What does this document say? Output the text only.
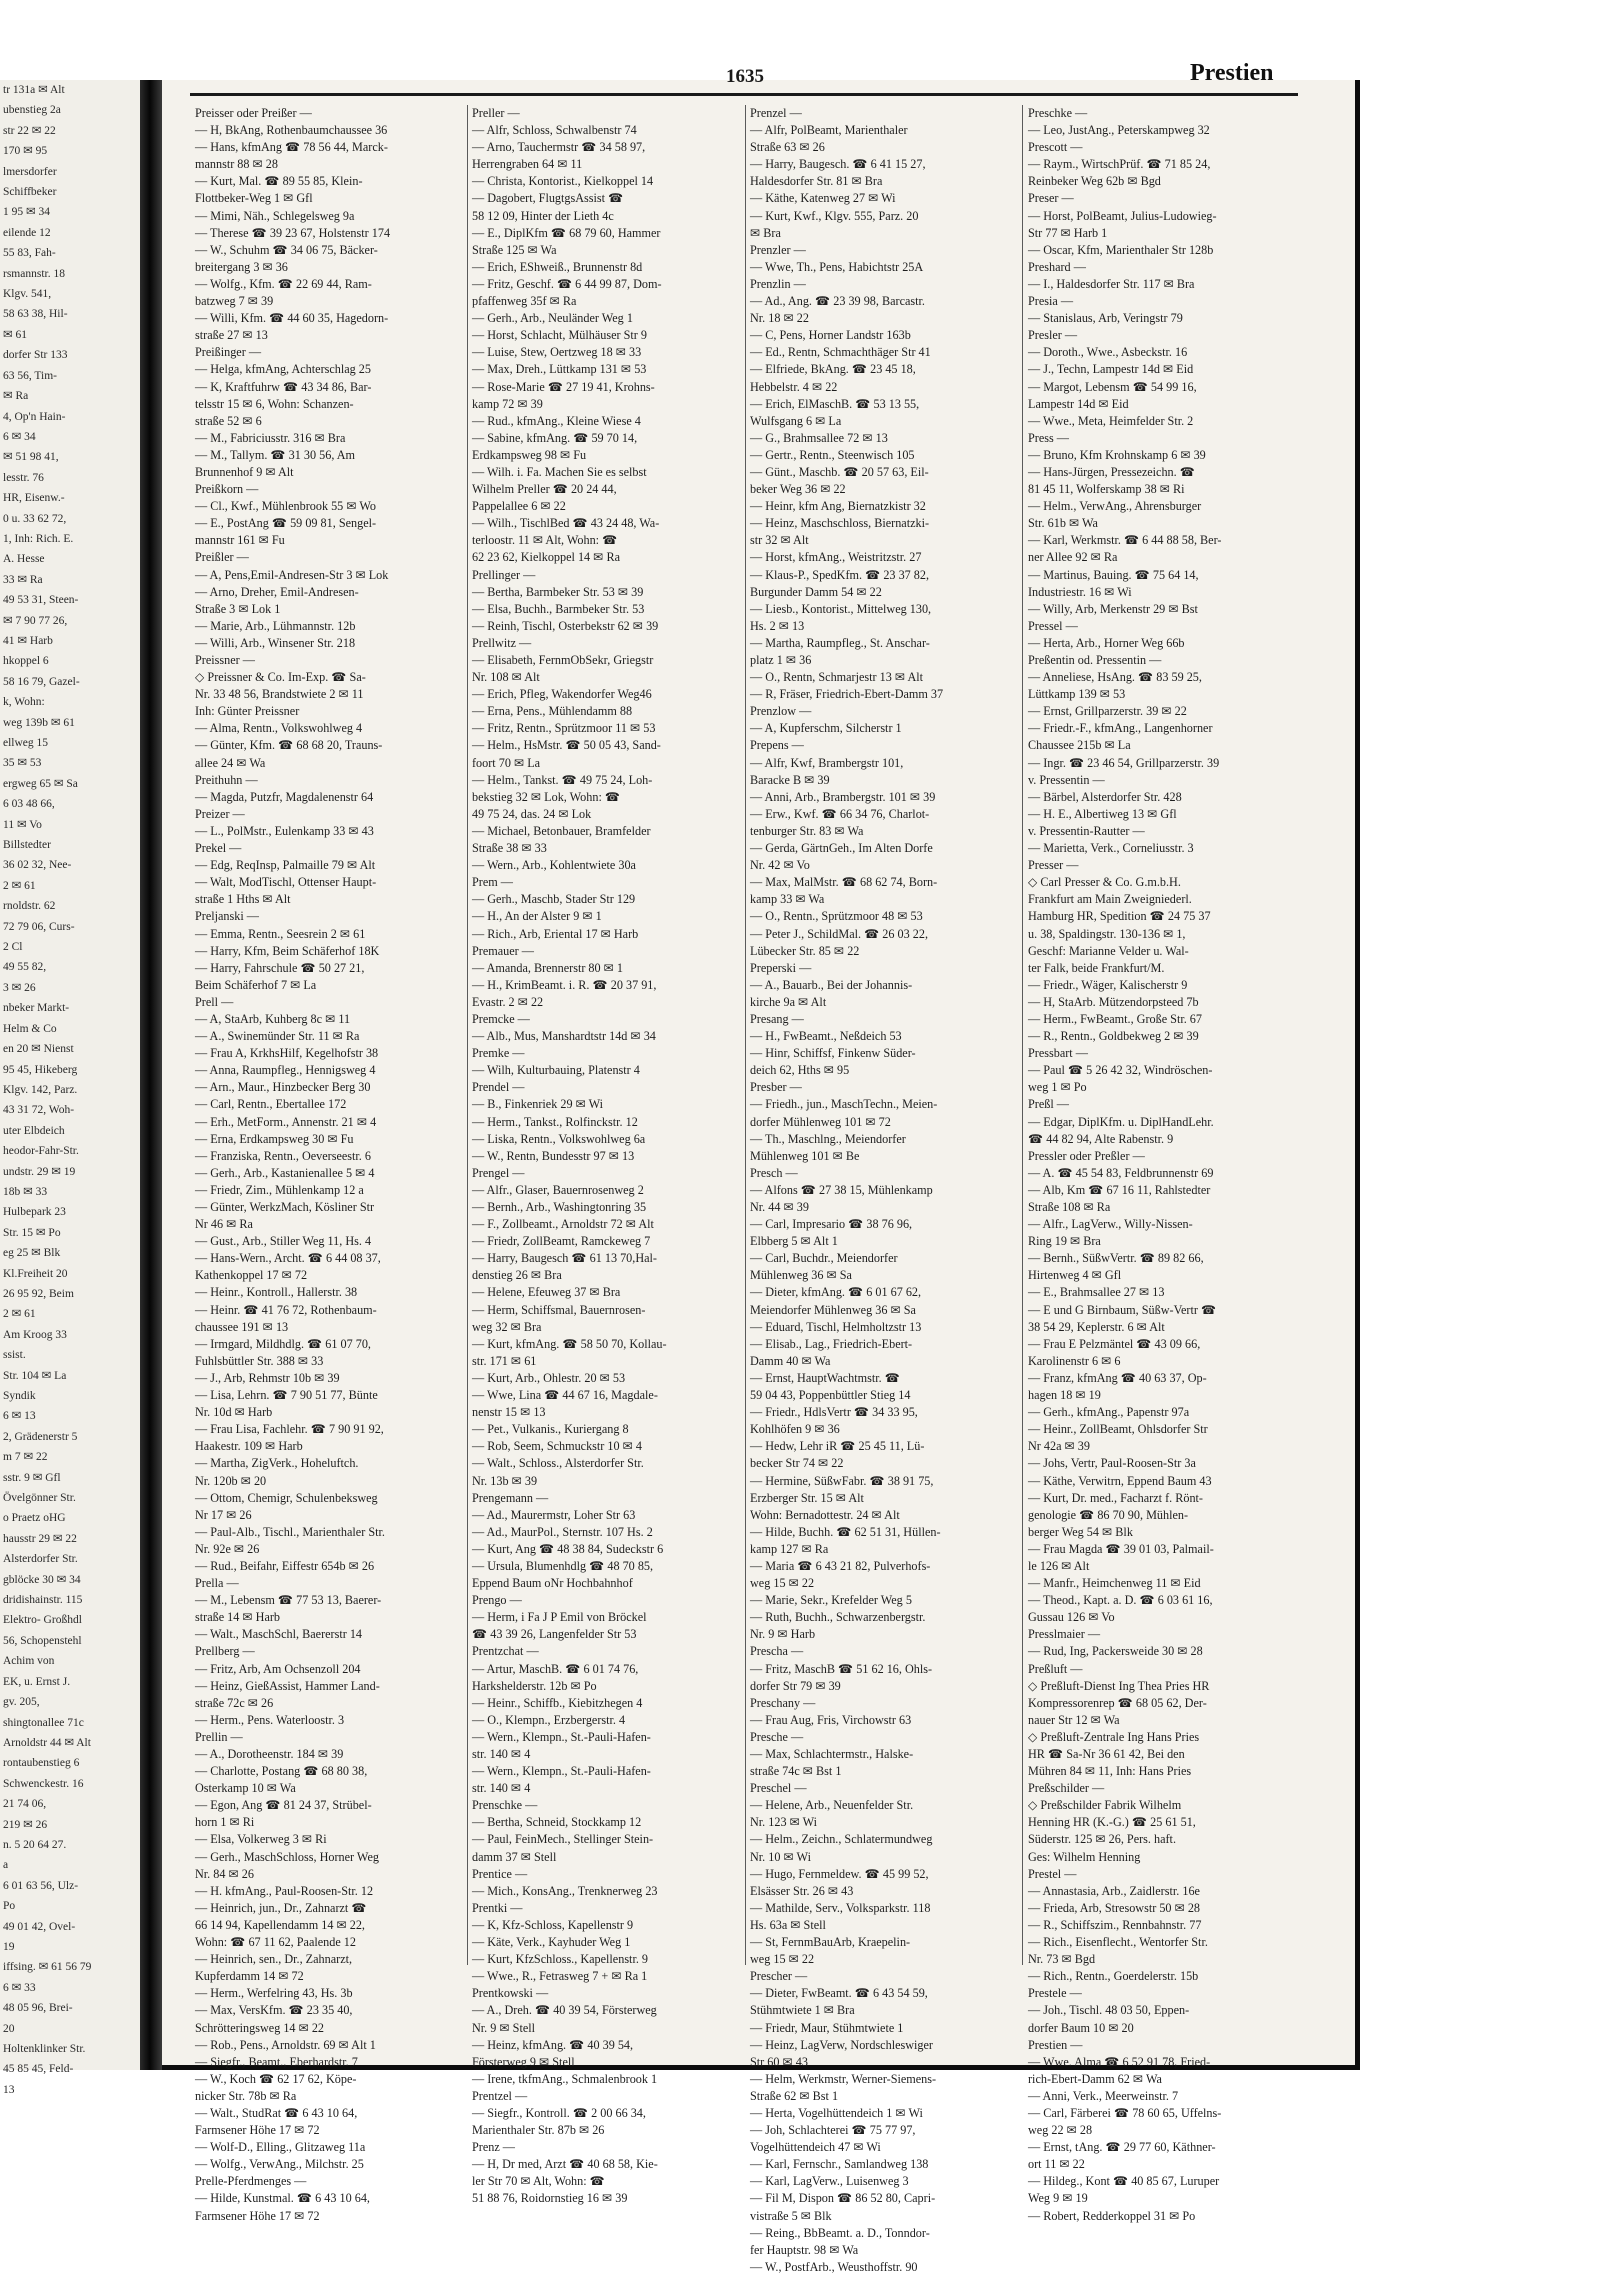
tr 131a ✉ Alt
ubenstieg 2a
str 22 ✉ 22
170 ✉ 95
lmersdorfer
Schiffbeker
1 95 ✉ 34
eilende 12
55 83, Fah-
rsmannstr. 18
Klgv. 541,
58 63 38, Hil-
✉ 61
dorfer Str 133
63 56, Tim-
✉ Ra
4, Op'n Hain-
6 ✉ 34
✉ 51 98 41,
lesstr. 76
HR, Eisenw.-
0 u. 33 62 72,
1, Inh: Rich. E.
A. Hesse
33 ✉ Ra
49 53 31, Steen-
✉ 7 90 77 26,
41 ✉ Harb
hkoppel 6
58 16 79, Gazel-
k, Wohn:
weg 139b ✉ 61
ellweg 15
35 ✉ 53
ergweg 65 ✉ Sa
6 03 48 66,
11 ✉ Vo
Billstedter
36 02 32, Nee-
2 ✉ 61
rnoldstr. 62
72 79 06, Curs-
2 Cl
49 55 82,
3 ✉ 26
nbeker Markt-
Helm & Co
en 20 ✉ Nienst
95 45, Hikeberg
Klgv. 142, Parz.
43 31 72, Woh-
uter Elbdeich
heodor-Fahr-Str.
undstr. 29 ✉ 19
18b ✉ 33
Hulbepark 23
Str. 15 ✉ Po
eg 25 ✉ Blk
Kl.Freiheit 20
26 95 92, Beim
2 ✉ 61
Am Kroog 33
ssist.
Str. 104 ✉ La
Syndik
6 ✉ 13
2, Grädenerstr 5
m 7 ✉ 22
sstr. 9 ✉ Gfl
Övelgönner Str.
o Praetz oHG
hausstr 29 ✉ 22
Alsterdorfer Str.
gblöcke 30 ✉ 34
dridishainstr. 115
Elektro- Großhdl
56, Schopenstehl
Achim von
EK, u. Ernst J.
gv. 205,
shingtonallee 71c
Arnoldstr 44 ✉ Alt
rontaubenstieg 6
Schwenckestr. 16
21 74 06,
219 ✉ 26
n. 5 20 64 27.
a
6 01 63 56, Ulz-
Po
49 01 42, Ovel-
19
iffsing. ✉ 61 56 79
6 ✉ 33
48 05 96, Brei-
20
Holtenklinker Str.
45 85 45, Feld-
13
1635	Prestien
Preisser oder Preißer —
— H, BkAng, Rothenbaumchaussee 36
— Hans, kfmAng ☎ 78 56 44, Marck-
mannstr 88 ✉ 28
— Kurt, Mal. ☎ 89 55 85, Klein-
Flottbeker-Weg 1 ✉ Gfl
— Mimi, Näh., Schlegelsweg 9a
— Therese ☎ 39 23 67, Holstenstr 174
— W., Schuhm ☎ 34 06 75, Bäcker-
breitergang 3 ✉ 36
— Wolfg., Kfm. ☎ 22 69 44, Ram-
batzweg 7 ✉ 39
— Willi, Kfm. ☎ 44 60 35, Hagedorn-
straße 27 ✉ 13
Preißinger —
— Helga, kfmAng, Achterschlag 25
— K, Kraftfuhrw ☎ 43 34 86, Bar-
telsstr 15 ✉ 6, Wohn: Schanzen-
straße 52 ✉ 6
— M., Fabriciusstr. 316 ✉ Bra
— M., Tallym. ☎ 31 30 56, Am
Brunnenhof 9 ✉ Alt
Preißkorn —
— Cl., Kwf., Mühlenbrook 55 ✉ Wo
— E., PostAng ☎ 59 09 81, Sengel-
mannstr 161 ✉ Fu
Preißler —
— A, Pens,Emil-Andresen-Str 3 ✉ Lok
— Arno, Dreher, Emil-Andresen-
Straße 3 ✉ Lok 1
— Marie, Arb., Lühmannstr. 12b
— Willi, Arb., Winsener Str. 218
Preissner —
◇ Preissner & Co. Im-Exp. ☎ Sa-
Nr. 33 48 56, Brandstwiete 2 ✉ 11
Inh: Günter Preissner
— Alma, Rentn., Volkswohlweg 4
— Günter, Kfm. ☎ 68 68 20, Trauns-
allee 24 ✉ Wa
Preithuhn —
— Magda, Putzfr, Magdalenenstr 64
Preizer —
— L., PolMstr., Eulenkamp 33 ✉ 43
Prekel —
— Edg, ReqInsp, Palmaille 79 ✉ Alt
— Walt, ModTischl, Ottenser Haupt-
straße 1 Hths ✉ Alt
Preljanski —
— Emma, Rentn., Seesrein 2 ✉ 61
— Harry, Kfm, Beim Schäferhof 18K
— Harry, Fahrschule ☎ 50 27 21,
Beim Schäferhof 7 ✉ La
Prell —
— A, StaArb, Kuhberg 8c ✉ 11
— A., Swinemünder Str. 11 ✉ Ra
— Frau A, KrkhsHilf, Kegelhofstr 38
— Anna, Raumpfleg., Hennigsweg 4
— Arn., Maur., Hinzbecker Berg 30
— Carl, Rentn., Ebertallee 172
— Erh., MetForm., Annenstr. 21 ✉ 4
— Erna, Erdkampsweg 30 ✉ Fu
— Franziska, Rentn., Oeverseestr. 6
— Gerh., Arb., Kastanienallee 5 ✉ 4
— Friedr, Zim., Mühlenkamp 12 a
— Günter, WerkzMach, Kösliner Str
Nr 46 ✉ Ra
— Gust., Arb., Stiller Weg 11, Hs. 4
— Hans-Wern., Archt. ☎ 6 44 08 37,
Kathenkoppel 17 ✉ 72
— Heinr., Kontroll., Hallerstr. 38
— Heinr. ☎ 41 76 72, Rothenbaum-
chaussee 191 ✉ 13
— Irmgard, Mildhdlg. ☎ 61 07 70,
Fuhlsbüttler Str. 388 ✉ 33
— J., Arb, Rehmstr 10b ✉ 39
— Lisa, Lehrn. ☎ 7 90 51 77, Bünte
Nr. 10d ✉ Harb
— Frau Lisa, Fachlehr. ☎ 7 90 91 92,
Haakestr. 109 ✉ Harb
— Martha, ZigVerk., Hoheluftch.
Nr. 120b ✉ 20
— Ottom, Chemigr, Schulenbeksweg
Nr 17 ✉ 26
— Paul-Alb., Tischl., Marienthaler Str.
Nr. 92e ✉ 26
— Rud., Beifahr, Eiffestr 654b ✉ 26
Prella —
— M., Lebensm ☎ 77 53 13, Baerer-
straße 14 ✉ Harb
— Walt., MaschSchl, Baererstr 14
Prellberg —
— Fritz, Arb, Am Ochsenzoll 204
— Heinz, GießAssist, Hammer Land-
straße 72c ✉ 26
— Herm., Pens. Waterloostr. 3
Prellin —
— A., Dorotheenstr. 184 ✉ 39
— Charlotte, Postang ☎ 68 80 38,
Osterkamp 10 ✉ Wa
— Egon, Ang ☎ 81 24 37, Strübel-
horn 1 ✉ Ri
— Elsa, Volkerweg 3 ✉ Ri
— Gerh., MaschSchloss, Horner Weg
Nr. 84 ✉ 26
— H. kfmAng., Paul-Roosen-Str. 12
— Heinrich, jun., Dr., Zahnarzt ☎
66 14 94, Kapellendamm 14 ✉ 22,
Wohn: ☎ 67 11 62, Paalende 12
— Heinrich, sen., Dr., Zahnarzt,
Kupferdamm 14 ✉ 72
— Herm., Werfelring 43, Hs. 3b
— Max, VersKfm. ☎ 23 35 40,
Schrötteringsweg 14 ✉ 22
— Rob., Pens., Arnoldstr. 69 ✉ Alt 1
— Siegfr., Beamt., Eberhardstr. 7
— W., Koch ☎ 62 17 62, Köpe-
nicker Str. 78b ✉ Ra
— Walt., StudRat ☎ 6 43 10 64,
Farmsener Höhe 17 ✉ 72
— Wolf-D., Elling., Glitzaweg 11a
— Wolfg., VerwAng., Milchstr. 25
Prelle-Pferdmenges —
— Hilde, Kunstmal. ☎ 6 43 10 64,
Farmsener Höhe 17 ✉ 72
Preller —
— Alfr, Schloss, Schwalbenstr 74
— Arno, Tauchermstr ☎ 34 58 97,
Herrengraben 64 ✉ 11
— Christa, Kontorist., Kielkoppel 14
— Dagobert, FlugtgsAssist ☎
58 12 09, Hinter der Lieth 4c
— E., DiplKfm ☎ 68 79 60, Hammer
Straße 125 ✉ Wa
— Erich, EShweiß., Brunnenstr 8d
— Fritz, Geschf. ☎ 6 44 99 87, Dom-
pfaffenweg 35f ✉ Ra
— Gerh., Arb., Neuländer Weg 1
— Horst, Schlacht, Mülhäuser Str 9
— Luise, Stew, Oertzweg 18 ✉ 33
— Max, Dreh., Lüttkamp 131 ✉ 53
— Rose-Marie ☎ 27 19 41, Krohns-
kamp 72 ✉ 39
— Rud., kfmAng., Kleine Wiese 4
— Sabine, kfmAng. ☎ 59 70 14,
Erdkampsweg 98 ✉ Fu
— Wilh. i. Fa. Machen Sie es selbst
Wilhelm Preller ☎ 20 24 44,
Pappelallee 6 ✉ 22
— Wilh., TischlBed ☎ 43 24 48, Wa-
terloostr. 11 ✉ Alt, Wohn: ☎
62 23 62, Kielkoppel 14 ✉ Ra
Prellinger —
— Bertha, Barmbeker Str. 53 ✉ 39
— Elsa, Buchh., Barmbeker Str. 53
— Reinh, Tischl, Osterbekstr 62 ✉ 39
Prellwitz —
— Elisabeth, FernmObSekr, Griegstr
Nr. 108 ✉ Alt
— Erich, Pfleg, Wakendorfer Weg46
— Erna, Pens., Mühlendamm 88
— Fritz, Rentn., Sprützmoor 11 ✉ 53
— Helm., HsMstr. ☎ 50 05 43, Sand-
foort 70 ✉ La
— Helm., Tankst. ☎ 49 75 24, Loh-
bekstieg 32 ✉ Lok, Wohn: ☎
49 75 24, das. 24 ✉ Lok
— Michael, Betonbauer, Bramfelder
Straße 38 ✉ 33
— Wern., Arb., Kohlentwiete 30a
Prem —
— Gerh., Maschb, Stader Str 129
— H., An der Alster 9 ✉ 1
— Rich., Arb, Eriental 17 ✉ Harb
Premauer —
— Amanda, Brennerstr 80 ✉ 1
— H., KrimBeamt. i. R. ☎ 20 37 91,
Evastr. 2 ✉ 22
Premcke —
— Alb., Mus, Manshardtstr 14d ✉ 34
Premke —
— Wilh, Kulturbauing, Platenstr 4
Prendel —
— B., Finkenriek 29 ✉ Wi
— Herm., Tankst., Rolfinckstr. 12
— Liska, Rentn., Volkswohlweg 6a
— W., Rentn, Bundesstr 97 ✉ 13
Prengel —
— Alfr., Glaser, Bauernrosenweg 2
— Bernh., Arb., Washingtonring 35
— F., Zollbeamt., Arnoldstr 72 ✉ Alt
— Friedr, ZollBeamt, Ramckeweg 7
— Harry, Baugesch ☎ 61 13 70,Hal-
denstieg 26 ✉ Bra
— Helene, Efeuweg 37 ✉ Bra
— Herm, Schiffsmal, Bauernrosen-
weg 32 ✉ Bra
— Kurt, kfmAng. ☎ 58 50 70, Kollau-
str. 171 ✉ 61
— Kurt, Arb., Ohlestr. 20 ✉ 53
— Wwe, Lina ☎ 44 67 16, Magdale-
nenstr 15 ✉ 13
— Pet., Vulkanis., Kuriergang 8
— Rob, Seem, Schmuckstr 10 ✉ 4
— Walt., Schloss., Alsterdorfer Str.
Nr. 13b ✉ 39
Prengemann —
— Ad., Maurermstr, Loher Str 63
— Ad., MaurPol., Sternstr. 107 Hs. 2
— Kurt, Ang ☎ 48 38 84, Sudeckstr 6
— Ursula, Blumenhdlg ☎ 48 70 85,
Eppend Baum oNr Hochbahnhof
Prengo —
— Herm, i Fa J P Emil von Bröckel
☎ 43 39 26, Langenfelder Str 53
Prentzchat —
— Artur, MaschB. ☎ 6 01 74 76,
Harkshelderstr. 12b ✉ Po
— Heinr., Schiffb., Kiebitzhegen 4
— O., Klempn., Erzbergerstr. 4
— Wern., Klempn., St.-Pauli-Hafen-
str. 140 ✉ 4
— Wern., Klempn., St.-Pauli-Hafen-
str. 140 ✉ 4
Prenschke —
— Bertha, Schneid, Stockkamp 12
— Paul, FeinMech., Stellinger Stein-
damm 37 ✉ Stell
Prentice —
— Mich., KonsAng., Trenknerweg 23
Prentki —
— K, Kfz-Schloss, Kapellenstr 9
— Käte, Verk., Kayhuder Weg 1
— Kurt, KfzSchloss., Kapellenstr. 9
— Wwe., R., Fetrasweg 7 + ✉ Ra 1
Prentkowski —
— A., Dreh. ☎ 40 39 54, Försterweg
Nr. 9 ✉ Stell
— Heinz, kfmAng. ☎ 40 39 54,
Försterweg 9 ✉ Stell
— Irene, tkfmAng., Schmalenbrook 1
Prentzel —
— Siegfr., Kontroll. ☎ 2 00 66 34,
Marienthaler Str. 87b ✉ 26
Prenz —
— H, Dr med, Arzt ☎ 40 68 58, Kie-
ler Str 70 ✉ Alt, Wohn: ☎
51 88 76, Roidornstieg 16 ✉ 39
Prenzel —
— Alfr, PolBeamt, Marienthaler
Straße 63 ✉ 26
— Harry, Baugesch. ☎ 6 41 15 27,
Haldesdorfer Str. 81 ✉ Bra
— Käthe, Katenweg 27 ✉ Wi
— Kurt, Kwf., Klgv. 555, Parz. 20
✉ Bra
Prenzler —
— Wwe, Th., Pens, Habichtstr 25A
Prenzlin —
— Ad., Ang. ☎ 23 39 98, Barcastr.
Nr. 18 ✉ 22
— C, Pens, Horner Landstr 163b
— Ed., Rentn, Schmachthäger Str 41
— Elfriede, BkAng. ☎ 23 45 18,
Hebbelstr. 4 ✉ 22
— Erich, ElMaschB. ☎ 53 13 55,
Wulfsgang 6 ✉ La
— G., Brahmsallee 72 ✉ 13
— Gertr., Rentn., Steenwisch 105
— Günt., Maschb. ☎ 20 57 63, Eil-
beker Weg 36 ✉ 22
— Heinr, kfm Ang, Biernatzkistr 32
— Heinz, Maschschloss, Biernatzki-
str 32 ✉ Alt
— Horst, kfmAng., Weistritzstr. 27
— Klaus-P., SpedKfm. ☎ 23 37 82,
Burgunder Damm 54 ✉ 22
— Liesb., Kontorist., Mittelweg 130,
Hs. 2 ✉ 13
— Martha, Raumpfleg., St. Anschar-
platz 1 ✉ 36
— O., Rentn, Schmarjestr 13 ✉ Alt
— R, Fräser, Friedrich-Ebert-Damm 37
Prenzlow —
— A, Kupferschm, Silcherstr 1
Prepens —
— Alfr, Kwf, Brambergstr 101,
Baracke B ✉ 39
— Anni, Arb., Brambergstr. 101 ✉ 39
— Erw., Kwf. ☎ 66 34 76, Charlot-
tenburger Str. 83 ✉ Wa
— Gerda, GärtnGeh., Im Alten Dorfe
Nr. 42 ✉ Vo
— Max, MalMstr. ☎ 68 62 74, Born-
kamp 33 ✉ Wa
— O., Rentn., Sprützmoor 48 ✉ 53
— Peter J., SchildMal. ☎ 26 03 22,
Lübecker Str. 85 ✉ 22
Preperski —
— A., Bauarb., Bei der Johannis-
kirche 9a ✉ Alt
Presang —
— H., FwBeamt., Neßdeich 53
— Hinr, Schiffsf, Finkenw Süder-
deich 62, Hths ✉ 95
Presber —
— Friedh., jun., MaschTechn., Meien-
dorfer Mühlenweg 101 ✉ 72
— Th., Maschlng., Meiendorfer
Mühlenweg 101 ✉ Be
Presch —
— Alfons ☎ 27 38 15, Mühlenkamp
Nr. 44 ✉ 39
— Carl, Impresario ☎ 38 76 96,
Elbberg 5 ✉ Alt 1
— Carl, Buchdr., Meiendorfer
Mühlenweg 36 ✉ Sa
— Dieter, kfmAng. ☎ 6 01 67 62,
Meiendorfer Mühlenweg 36 ✉ Sa
— Eduard, Tischl, Helmholtzstr 13
— Elisab., Lag., Friedrich-Ebert-
Damm 40 ✉ Wa
— Ernst, HauptWachtmstr. ☎
59 04 43, Poppenbüttler Stieg 14
— Friedr., HdlsVertr ☎ 34 33 95,
Kohlhöfen 9 ✉ 36
— Hedw, Lehr iR ☎ 25 45 11, Lü-
becker Str 74 ✉ 22
— Hermine, SüßwFabr. ☎ 38 91 75,
Erzberger Str. 15 ✉ Alt
Wohn: Bernadottestr. 24 ✉ Alt
— Hilde, Buchh. ☎ 62 51 31, Hüllen-
kamp 127 ✉ Ra
— Maria ☎ 6 43 21 82, Pulverhofs-
weg 15 ✉ 22
— Marie, Sekr., Krefelder Weg 5
— Ruth, Buchh., Schwarzenbergstr.
Nr. 9 ✉ Harb
Prescha —
— Fritz, MaschB ☎ 51 62 16, Ohls-
dorfer Str 79 ✉ 39
Preschany —
— Frau Aug, Fris, Virchowstr 63
Presche —
— Max, Schlachtermstr., Halske-
straße 74c ✉ Bst 1
Preschel —
— Helene, Arb., Neuenfelder Str.
Nr. 123 ✉ Wi
— Helm., Zeichn., Schlatermundweg
Nr. 10 ✉ Wi
— Hugo, Fernmeldew. ☎ 45 99 52,
Elsässer Str. 26 ✉ 43
— Mathilde, Serv., Volksparkstr. 118
Hs. 63a ✉ Stell
— St, FernmBauArb, Kraepelin-
weg 15 ✉ 22
Prescher —
— Dieter, FwBeamt. ☎ 6 43 54 59,
Stühmtwiete 1 ✉ Bra
— Friedr, Maur, Stühmtwiete 1
— Heinz, LagVerw, Nordschleswiger
Str 60 ✉ 43
— Helm, Werkmstr, Werner-Siemens-
Straße 62 ✉ Bst 1
— Herta, Vogelhüttendeich 1 ✉ Wi
— Joh, Schlachterei ☎ 75 77 97,
Vogelhüttendeich 47 ✉ Wi
— Karl, Fernschr., Samlandweg 138
— Karl, LagVerw., Luisenweg 3
— Fil M, Dispon ☎ 86 52 80, Capri-
vistraße 5 ✉ Blk
— Reing., BbBeamt. a. D., Tonndor-
fer Hauptstr. 98 ✉ Wa
— W., PostfArb., Weusthoffstr. 90
Preschke —
— Leo, JustAng., Peterskampweg 32
Prescott —
— Raym., WirtschPrüf. ☎ 71 85 24,
Reinbeker Weg 62b ✉ Bgd
Preser —
— Horst, PolBeamt, Julius-Ludowieg-
Str 77 ✉ Harb 1
— Oscar, Kfm, Marienthaler Str 128b
Preshard —
— I., Haldesdorfer Str. 117 ✉ Bra
Presia —
— Stanislaus, Arb, Veringstr 79
Presler —
— Doroth., Wwe., Asbeckstr. 16
— J., Techn, Lampestr 14d ✉ Eid
— Margot, Lebensm ☎ 54 99 16,
Lampestr 14d ✉ Eid
— Wwe., Meta, Heimfelder Str. 2
Press —
— Bruno, Kfm Krohnskamp 6 ✉ 39
— Hans-Jürgen, Pressezeichn. ☎
81 45 11, Wolferskamp 38 ✉ Ri
— Helm., VerwAng., Ahrensburger
Str. 61b ✉ Wa
— Karl, Werkmstr. ☎ 6 44 88 58, Ber-
ner Allee 92 ✉ Ra
— Martinus, Bauing. ☎ 75 64 14,
Industriestr. 16 ✉ Wi
— Willy, Arb, Merkenstr 29 ✉ Bst
Pressel —
— Herta, Arb., Horner Weg 66b
Preßentin od. Pressentin —
— Anneliese, HsAng. ☎ 83 59 25,
Lüttkamp 139 ✉ 53
— Ernst, Grillparzerstr. 39 ✉ 22
— Friedr.-F., kfmAng., Langenhorner
Chaussee 215b ✉ La
— Ingr. ☎ 23 46 54, Grillparzerstr. 39
v. Pressentin —
— Bärbel, Alsterdorfer Str. 428
— H. E., Albertiweg 13 ✉ Gfl
v. Pressentin-Rautter —
— Marietta, Verk., Corneliusstr. 3
Presser —
◇ Carl Presser & Co. G.m.b.H.
Frankfurt am Main Zweigniederl.
Hamburg HR, Spedition ☎ 24 75 37
u. 38, Spaldingstr. 130-136 ✉ 1,
Geschf: Marianne Velder u. Wal-
ter Falk, beide Frankfurt/M.
— Friedr., Wäger, Kalischerstr 9
— H, StaArb. Mützendorpsteed 7b
— Herm., FwBeamt., Große Str. 67
— R., Rentn., Goldbekweg 2 ✉ 39
Pressbart —
— Paul ☎ 5 26 42 32, Windröschen-
weg 1 ✉ Po
Preßl —
— Edgar, DiplKfm. u. DiplHandLehr.
☎ 44 82 94, Alte Rabenstr. 9
Pressler oder Preßler —
— A. ☎ 45 54 83, Feldbrunnenstr 69
— Alb, Km ☎ 67 16 11, Rahlstedter
Straße 108 ✉ Ra
— Alfr., LagVerw., Willy-Nissen-
Ring 19 ✉ Bra
— Bernh., SüßwVertr. ☎ 89 82 66,
Hirtenweg 4 ✉ Gfl
— E., Brahmsallee 27 ✉ 13
— E und G Birnbaum, Süßw-Vertr ☎
38 54 29, Keplerstr. 6 ✉ Alt
— Frau E Pelzmäntel ☎ 43 09 66,
Karolinenstr 6 ✉ 6
— Franz, kfmAng ☎ 40 63 37, Op-
hagen 18 ✉ 19
— Gerh., kfmAng., Papenstr 97a
— Heinr., ZollBeamt, Ohlsdorfer Str
Nr 42a ✉ 39
— Johs, Vertr, Paul-Roosen-Str 3a
— Käthe, Verwitrn, Eppend Baum 43
— Kurt, Dr. med., Facharzt f. Rönt-
genologie ☎ 86 70 90, Mühlen-
berger Weg 54 ✉ Blk
— Frau Magda ☎ 39 01 03, Palmail-
le 126 ✉ Alt
— Manfr., Heimchenweg 11 ✉ Eid
— Theod., Kapt. a. D. ☎ 6 03 61 16,
Gussau 126 ✉ Vo
Presslmaier —
— Rud, Ing, Packersweide 30 ✉ 28
Preßluft —
◇ Preßluft-Dienst Ing Thea Pries HR
Kompressorenrep ☎ 68 05 62, Der-
nauer Str 12 ✉ Wa
◇ Preßluft-Zentrale Ing Hans Pries
HR ☎ Sa-Nr 36 61 42, Bei den
Mühren 84 ✉ 11, Inh: Hans Pries
Preßschilder —
◇ Preßschilder Fabrik Wilhelm
Henning HR (K.-G.) ☎ 25 61 51,
Süderstr. 125 ✉ 26, Pers. haft.
Ges: Wilhelm Henning
Prestel —
— Annastasia, Arb., Zaidlerstr. 16e
— Frieda, Arb, Stresowstr 50 ✉ 28
— R., Schiffszim., Rennbahnstr. 77
— Rich., Eisenflecht., Wentorfer Str.
Nr. 73 ✉ Bgd
— Rich., Rentn., Goerdelerstr. 15b
Prestele —
— Joh., Tischl. 48 03 50, Eppen-
dorfer Baum 10 ✉ 20
Prestien —
— Wwe. Alma ☎ 6 52 91 78, Fried-
rich-Ebert-Damm 62 ✉ Wa
— Anni, Verk., Meerweinstr. 7
— Carl, Färberei ☎ 78 60 65, Uffelns-
weg 22 ✉ 28
— Ernst, tAng. ☎ 29 77 60, Käthner-
ort 11 ✉ 22
— Hildeg., Kont ☎ 40 85 67, Luruper
Weg 9 ✉ 19
— Robert, Redderkoppel 31 ✉ Po
